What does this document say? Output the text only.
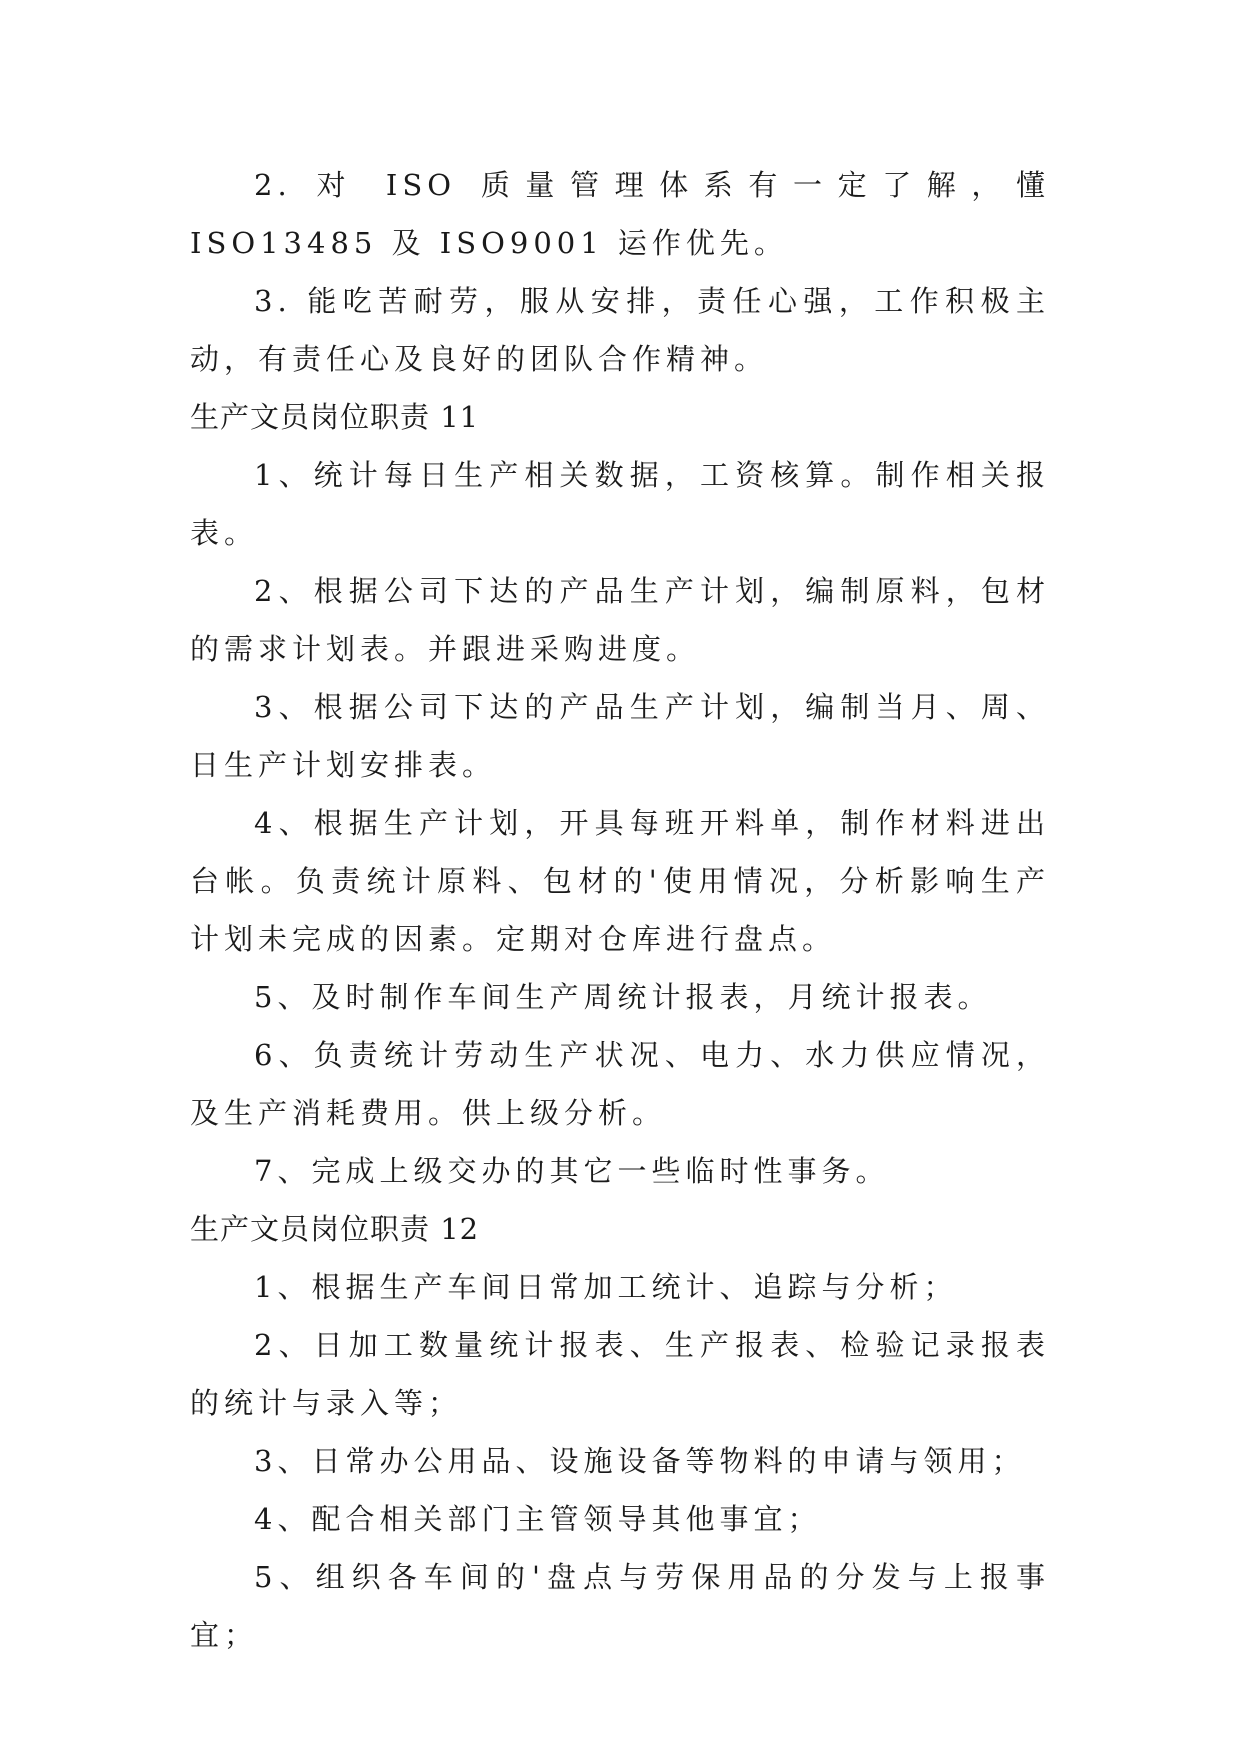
2. 对 ISO 质量管理体系有一定了解，懂 ISO13485 及 ISO9001 运作优先。

3. 能吃苦耐劳，服从安排，责任心强，工作积极主动，有责任心及良好的团队合作精神。

生产文员岗位职责 11

1、统计每日生产相关数据，工资核算。制作相关报表。

2、根据公司下达的产品生产计划，编制原料，包材的需求计划表。并跟进采购进度。

3、根据公司下达的产品生产计划，编制当月、周、日生产计划安排表。

4、根据生产计划，开具每班开料单，制作材料进出台帐。负责统计原料、包材的'使用情况，分析影响生产计划未完成的因素。定期对仓库进行盘点。

5、及时制作车间生产周统计报表，月统计报表。

6、负责统计劳动生产状况、电力、水力供应情况，及生产消耗费用。供上级分析。

7、完成上级交办的其它一些临时性事务。

生产文员岗位职责 12

1、根据生产车间日常加工统计、追踪与分析；

2、日加工数量统计报表、生产报表、检验记录报表的统计与录入等；

3、日常办公用品、设施设备等物料的申请与领用；

4、配合相关部门主管领导其他事宜；

5、组织各车间的'盘点与劳保用品的分发与上报事宜；
